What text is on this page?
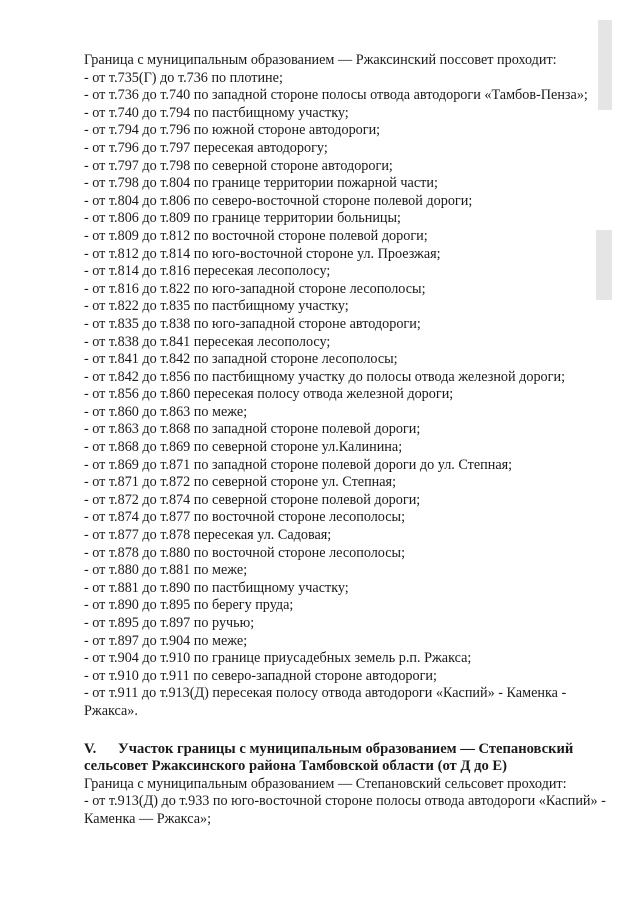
Граница с муниципальным образованием — Ржаксинский поссовет проходит:
- от т.735(Г) до т.736 по плотине;
- от т.736 до т.740 по западной стороне полосы отвода автодороги «Тамбов-Пенза»;
- от т.740 до т.794 по пастбищному участку;
- от т.794 до т.796 по южной стороне автодороги;
- от т.796 до т.797 пересекая автодорогу;
- от т.797 до т.798 по северной стороне автодороги;
- от т.798 до т.804 по границе территории пожарной части;
- от т.804 до т.806 по северо-восточной стороне полевой дороги;
- от т.806 до т.809 по границе территории больницы;
- от т.809 до т.812 по восточной стороне полевой дороги;
- от т.812 до т.814 по юго-восточной стороне ул. Проезжая;
- от т.814 до т.816 пересекая лесополосу;
- от т.816 до т.822 по юго-западной стороне лесополосы;
- от т.822 до т.835 по пастбищному участку;
- от т.835 до т.838 по юго-западной стороне автодороги;
- от т.838 до т.841 пересекая лесополосу;
- от т.841 до т.842 по западной стороне лесополосы;
- от т.842 до т.856 по пастбищному участку до полосы отвода железной дороги;
- от т.856 до т.860 пересекая полосу отвода железной дороги;
- от т.860 до т.863 по меже;
- от т.863 до т.868 по западной стороне полевой дороги;
- от т.868 до т.869 по северной стороне ул.Калинина;
- от т.869 до т.871 по западной стороне полевой дороги до ул. Степная;
- от т.871 до т.872 по северной стороне ул. Степная;
- от т.872 до т.874 по северной стороне полевой дороги;
- от т.874 до т.877 по восточной стороне лесополосы;
- от т.877 до т.878 пересекая ул. Садовая;
- от т.878 до т.880 по восточной стороне лесополосы;
- от т.880 до т.881 по меже;
- от т.881 до т.890 по пастбищному участку;
- от т.890 до т.895 по берегу пруда;
- от т.895 до т.897 по ручью;
- от т.897 до т.904 по меже;
- от т.904 до т.910 по границе приусадебных земель р.п. Ржакса;
- от т.910 до т.911 по северо-западной стороне автодороги;
- от т.911 до т.913(Д) пересекая полосу отвода автодороги «Каспий» - Каменка - Ржакса».
V. Участок границы с муниципальным образованием — Степановский сельсовет Ржаксинского района Тамбовской области (от Д до Е)
Граница с муниципальным образованием — Степановский сельсовет проходит:
- от т.913(Д) до т.933 по юго-восточной стороне полосы отвода автодороги «Каспий» - Каменка — Ржакса»;
